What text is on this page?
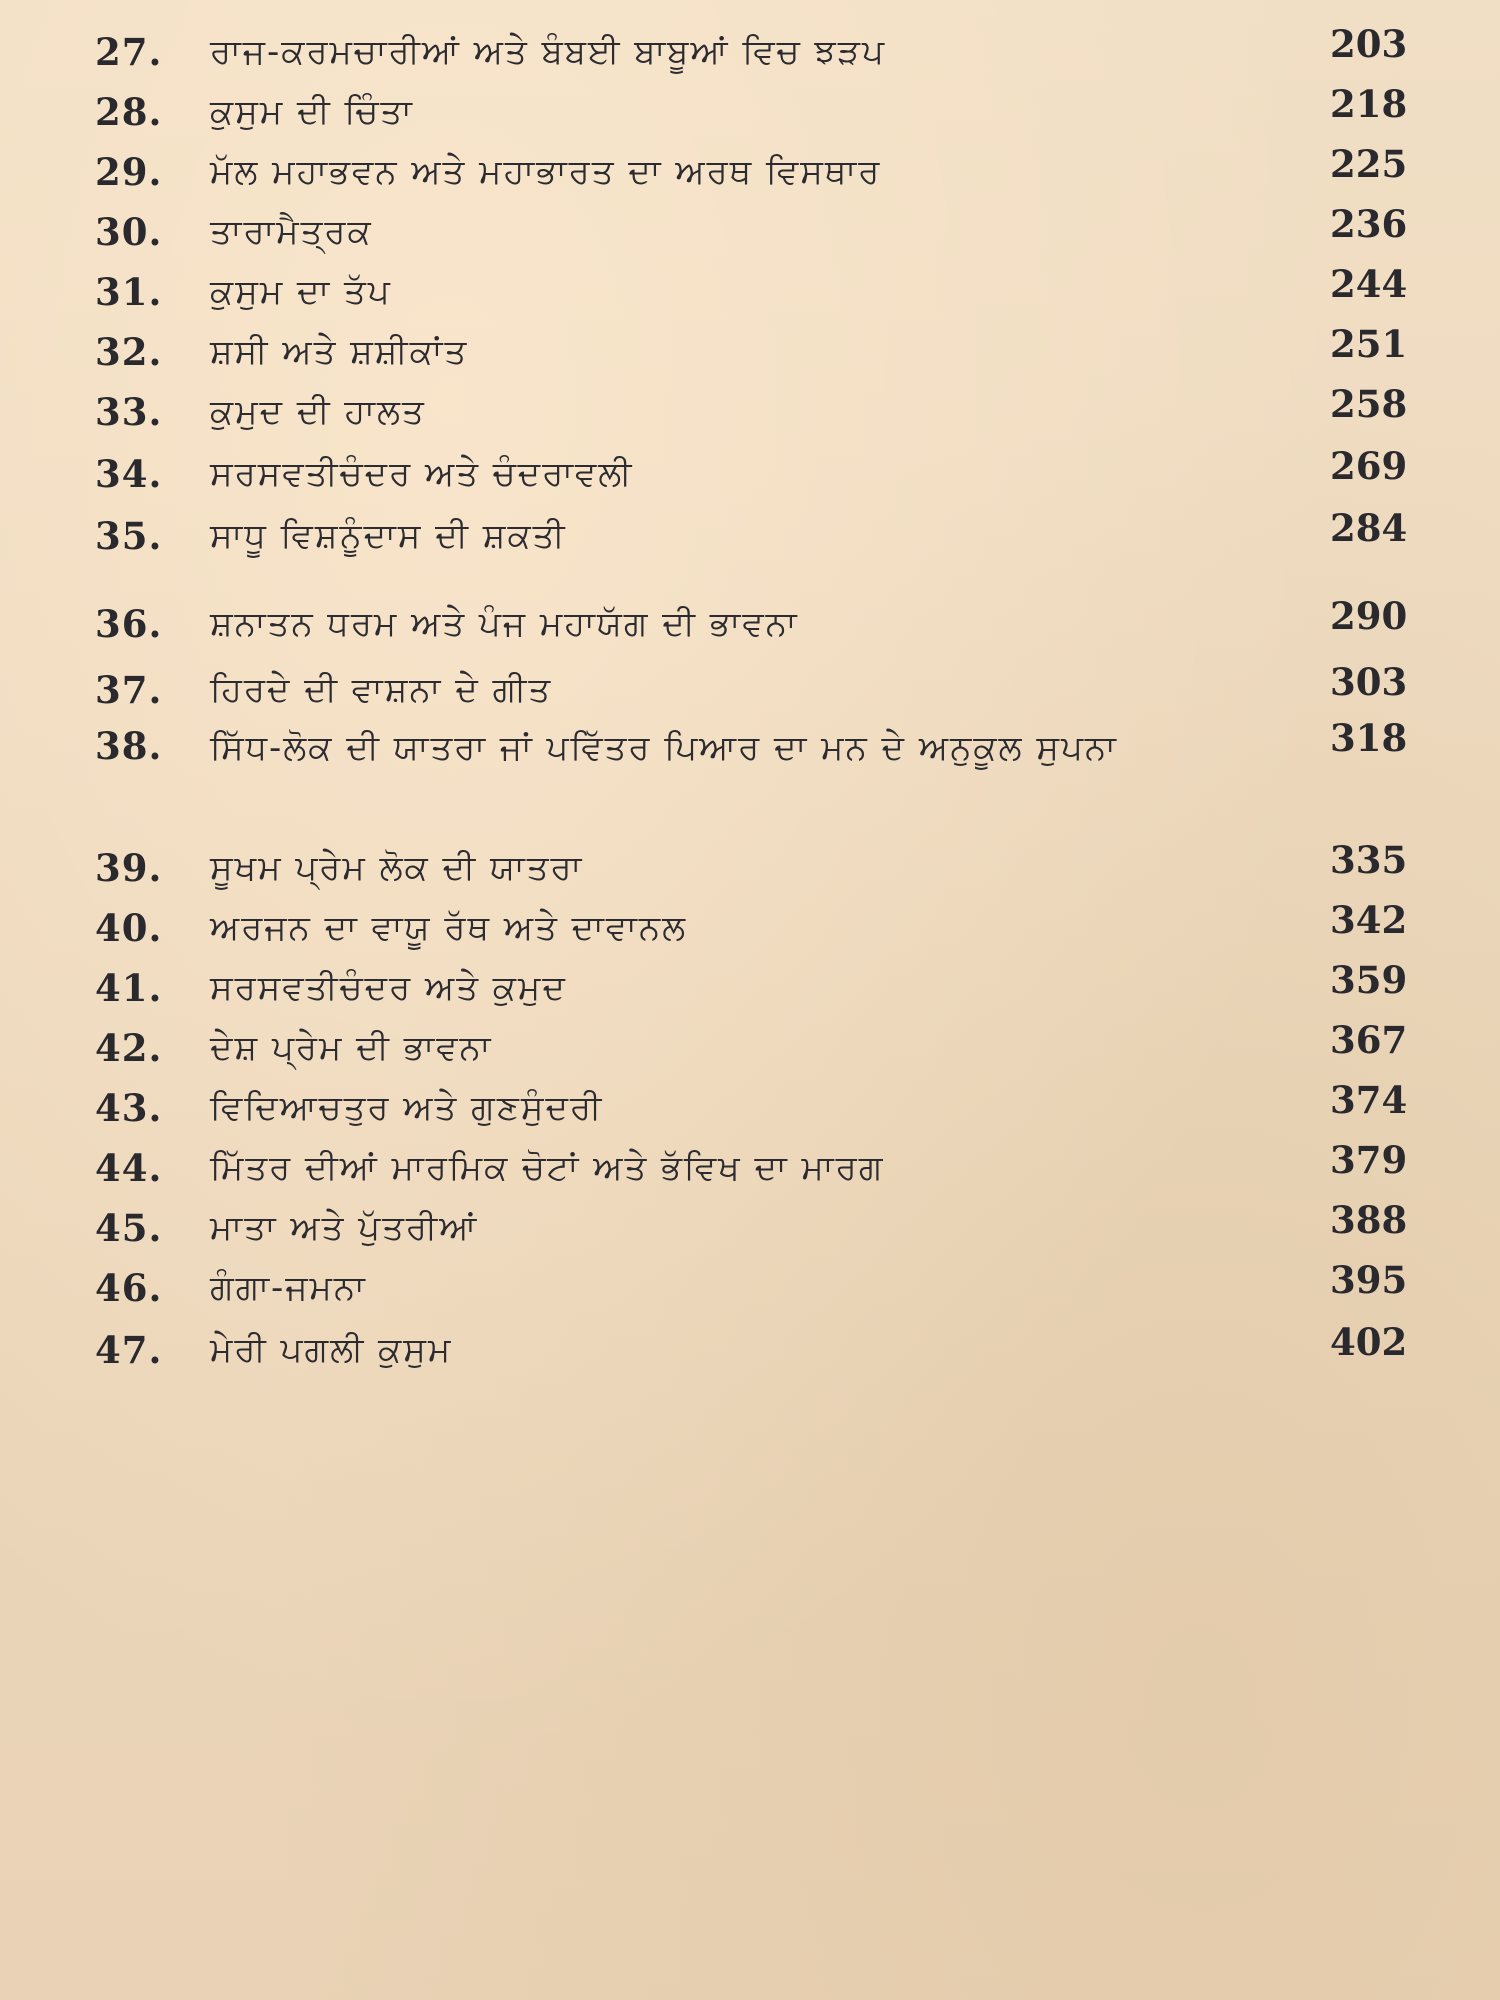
27.	ਰਾਜ-ਕਰਮਚਾਰੀਆਂ ਅਤੇ ਬੰਬਈ ਬਾਬੂਆਂ ਵਿਚ ਝੜਪ	203
28.	ਕੁਸੁਮ ਦੀ ਚਿੰਤਾ	218
29.	ਮੱਲ ਮਹਾਭਵਨ ਅਤੇ ਮਹਾਭਾਰਤ ਦਾ ਅਰਥ ਵਿਸਥਾਰ	225
30.	ਤਾਰਾਮੈਤ੍ਰਕ	236
31.	ਕੁਸੁਮ ਦਾ ਤੱਪ	244
32.	ਸ਼ਸੀ ਅਤੇ ਸ਼ਸ਼ੀਕਾਂਤ	251
33.	ਕੁਮੁਦ ਦੀ ਹਾਲਤ	258
34.	ਸਰਸਵਤੀਚੰਦਰ ਅਤੇ ਚੰਦਰਾਵਲੀ	269
35.	ਸਾਧੂ ਵਿਸ਼ਨੂੰਦਾਸ ਦੀ ਸ਼ਕਤੀ	284
36.	ਸ਼ਨਾਤਨ ਧਰਮ ਅਤੇ ਪੰਜ ਮਹਾਯੱਗ ਦੀ ਭਾਵਨਾ	290
37.	ਹਿਰਦੇ ਦੀ ਵਾਸ਼ਨਾ ਦੇ ਗੀਤ	303
38.	ਸਿੱਧ-ਲੋਕ ਦੀ ਯਾਤਰਾ ਜਾਂ ਪਵਿੱਤਰ ਪਿਆਰ ਦਾ ਮਨ ਦੇ ਅਨੁਕੂਲ ਸੁਪਨਾ	318
39.	ਸੂਖਮ ਪ੍ਰੇਮ ਲੋਕ ਦੀ ਯਾਤਰਾ	335
40.	ਅਰਜਨ ਦਾ ਵਾਯੂ ਰੱਥ ਅਤੇ ਦਾਵਾਨਲ	342
41.	ਸਰਸਵਤੀਚੰਦਰ ਅਤੇ ਕੁਮੁਦ	359
42.	ਦੇਸ਼ ਪ੍ਰੇਮ ਦੀ ਭਾਵਨਾ	367
43.	ਵਿਦਿਆਚਤੁਰ ਅਤੇ ਗੁਣਸੁੰਦਰੀ	374
44.	ਮਿੱਤਰ ਦੀਆਂ ਮਾਰਮਿਕ ਚੋਟਾਂ ਅਤੇ ਭੱਵਿਖ ਦਾ ਮਾਰਗ	379
45.	ਮਾਤਾ ਅਤੇ ਪੁੱਤਰੀਆਂ	388
46.	ਗੰਗਾ-ਜਮਨਾ	395
47.	ਮੇਰੀ ਪਗਲੀ ਕੁਸੁਮ	402
